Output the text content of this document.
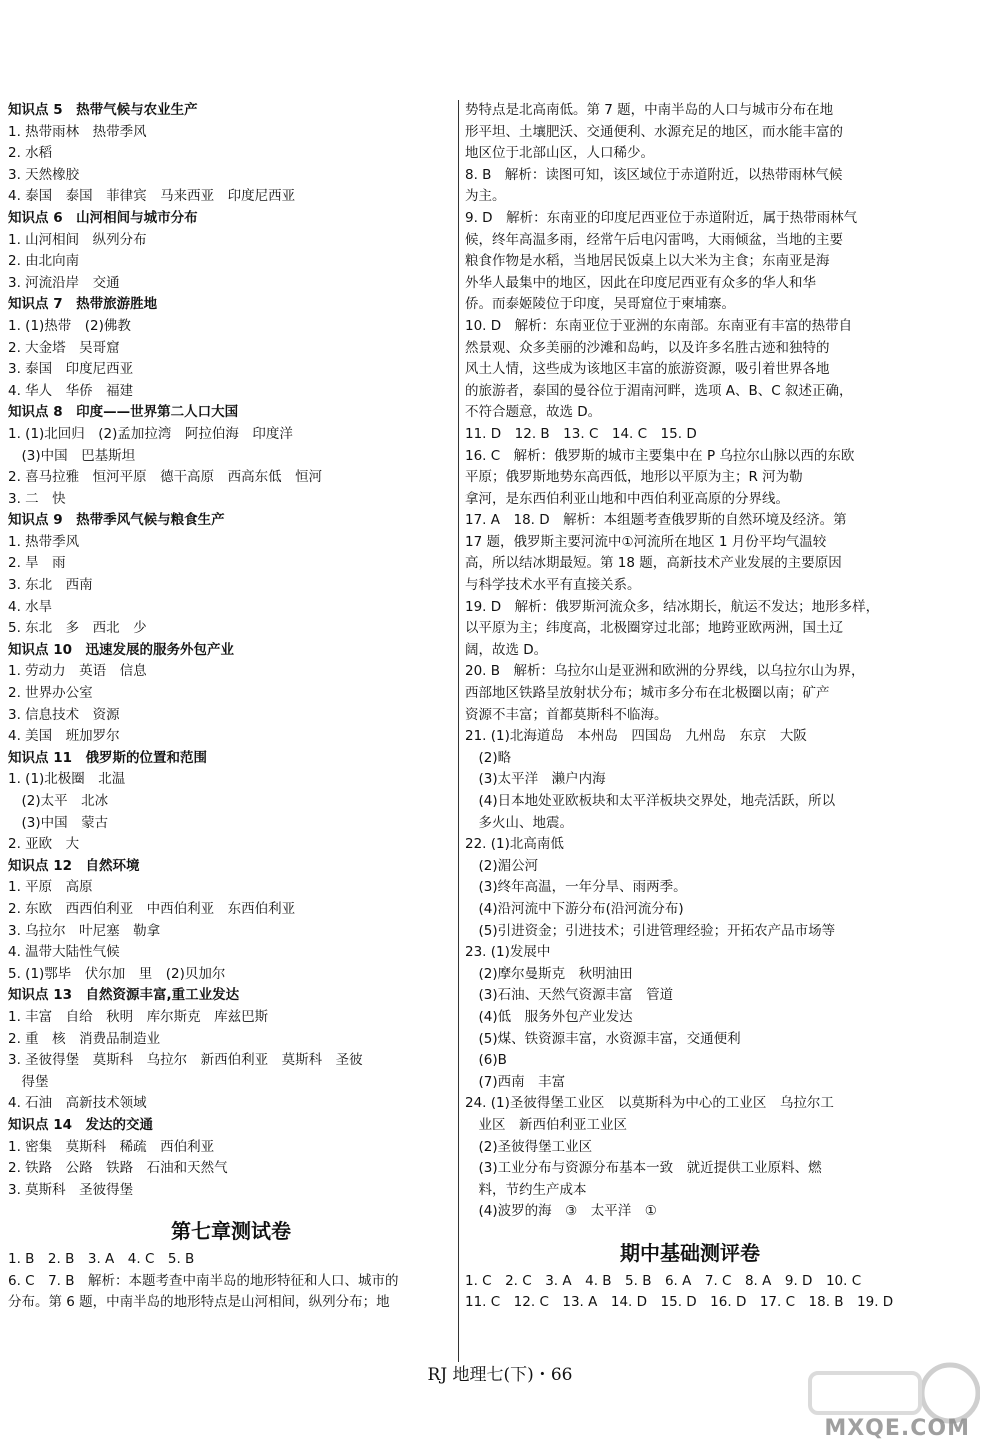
知识点 5　热带气候与农业生产
1. 热带雨林　热带季风
2. 水稻
3. 天然橡胶
4. 泰国　泰国　菲律宾　马来西亚　印度尼西亚
知识点 6　山河相间与城市分布
1. 山河相间　纵列分布
2. 由北向南
3. 河流沿岸　交通
知识点 7　热带旅游胜地
1. (1)热带　(2)佛教
2. 大金塔　吴哥窟
3. 泰国　印度尼西亚
4. 华人　华侨　福建
知识点 8　印度——世界第二人口大国
1. (1)北回归　(2)孟加拉湾　阿拉伯海　印度洋
　(3)中国　巴基斯坦
2. 喜马拉雅　恒河平原　德干高原　西高东低　恒河
3. 二　快
知识点 9　热带季风气候与粮食生产
1. 热带季风
2. 旱　雨
3. 东北　西南
4. 水旱
5. 东北　多　西北　少
知识点 10　迅速发展的服务外包产业
1. 劳动力　英语　信息
2. 世界办公室
3. 信息技术　资源
4. 美国　班加罗尔
知识点 11　俄罗斯的位置和范围
1. (1)北极圈　北温
　(2)太平　北冰
　(3)中国　蒙古
2. 亚欧　大
知识点 12　自然环境
1. 平原　高原
2. 东欧　西西伯利亚　中西伯利亚　东西伯利亚
3. 乌拉尔　叶尼塞　勒拿
4. 温带大陆性气候
5. (1)鄂毕　伏尔加　里　(2)贝加尔
知识点 13　自然资源丰富,重工业发达
1. 丰富　自给　秋明　库尔斯克　库兹巴斯
2. 重　核　消费品制造业
3. 圣彼得堡　莫斯科　乌拉尔　新西伯利亚　莫斯科　圣彼
　得堡
4. 石油　高新技术领域
知识点 14　发达的交通
1. 密集　莫斯科　稀疏　西伯利亚
2. 铁路　公路　铁路　石油和天然气
3. 莫斯科　圣彼得堡
第七章测试卷
1. B　2. B　3. A　4. C　5. B
6. C　7. B　解析：本题考查中南半岛的地形特征和人口、城市的
分布。第 6 题，中南半岛的地形特点是山河相间，纵列分布；地
势特点是北高南低。第 7 题，中南半岛的人口与城市分布在地
形平坦、土壤肥沃、交通便利、水源充足的地区，而水能丰富的
地区位于北部山区，人口稀少。
8. B　解析：读图可知，该区域位于赤道附近，以热带雨林气候
为主。
9. D　解析：东南亚的印度尼西亚位于赤道附近，属于热带雨林气
候，终年高温多雨，经常午后电闪雷鸣，大雨倾盆，当地的主要
粮食作物是水稻，当地居民饭桌上以大米为主食；东南亚是海
外华人最集中的地区，因此在印度尼西亚有众多的华人和华
侨。而泰姬陵位于印度，吴哥窟位于柬埔寨。
10. D　解析：东南亚位于亚洲的东南部。东南亚有丰富的热带自
然景观、众多美丽的沙滩和岛屿，以及许多名胜古迹和独特的
风土人情，这些成为该地区丰富的旅游资源，吸引着世界各地
的旅游者，泰国的曼谷位于湄南河畔，选项 A、B、C 叙述正确，
不符合题意，故选 D。
11. D　12. B　13. C　14. C　15. D
16. C　解析：俄罗斯的城市主要集中在 P 乌拉尔山脉以西的东欧
平原；俄罗斯地势东高西低，地形以平原为主；R 河为勒
拿河，是东西伯利亚山地和中西伯利亚高原的分界线。
17. A　18. D　解析：本组题考查俄罗斯的自然环境及经济。第
17 题，俄罗斯主要河流中①河流所在地区 1 月份平均气温较
高，所以结冰期最短。第 18 题，高新技术产业发展的主要原因
与科学技术水平有直接关系。
19. D　解析：俄罗斯河流众多，结冰期长，航运不发达；地形多样，
以平原为主；纬度高，北极圈穿过北部；地跨亚欧两洲，国土辽
阔，故选 D。
20. B　解析：乌拉尔山是亚洲和欧洲的分界线，以乌拉尔山为界，
西部地区铁路呈放射状分布；城市多分布在北极圈以南；矿产
资源不丰富；首都莫斯科不临海。
21. (1)北海道岛　本州岛　四国岛　九州岛　东京　大阪
　(2)略
　(3)太平洋　濑户内海
　(4)日本地处亚欧板块和太平洋板块交界处，地壳活跃，所以
　多火山、地震。
22. (1)北高南低
　(2)湄公河
　(3)终年高温，一年分旱、雨两季。
　(4)沿河流中下游分布(沿河流分布)
　(5)引进资金；引进技术；引进管理经验；开拓农产品市场等
23. (1)发展中
　(2)摩尔曼斯克　秋明油田
　(3)石油、天然气资源丰富　管道
　(4)低　服务外包产业发达
　(5)煤、铁资源丰富，水资源丰富，交通便利
　(6)B
　(7)西南　丰富
24. (1)圣彼得堡工业区　以莫斯科为中心的工业区　乌拉尔工
　业区　新西伯利亚工业区
　(2)圣彼得堡工业区
　(3)工业分布与资源分布基本一致　就近提供工业原料、燃
　料，节约生产成本
　(4)波罗的海　③　太平洋　①
期中基础测评卷
1. C　2. C　3. A　4. B　5. B　6. A　7. C　8. A　9. D　10. C
11. C　12. C　13. A　14. D　15. D　16. D　17. C　18. B　19. D
RJ 地理七(下)・66
MXQE.COM
